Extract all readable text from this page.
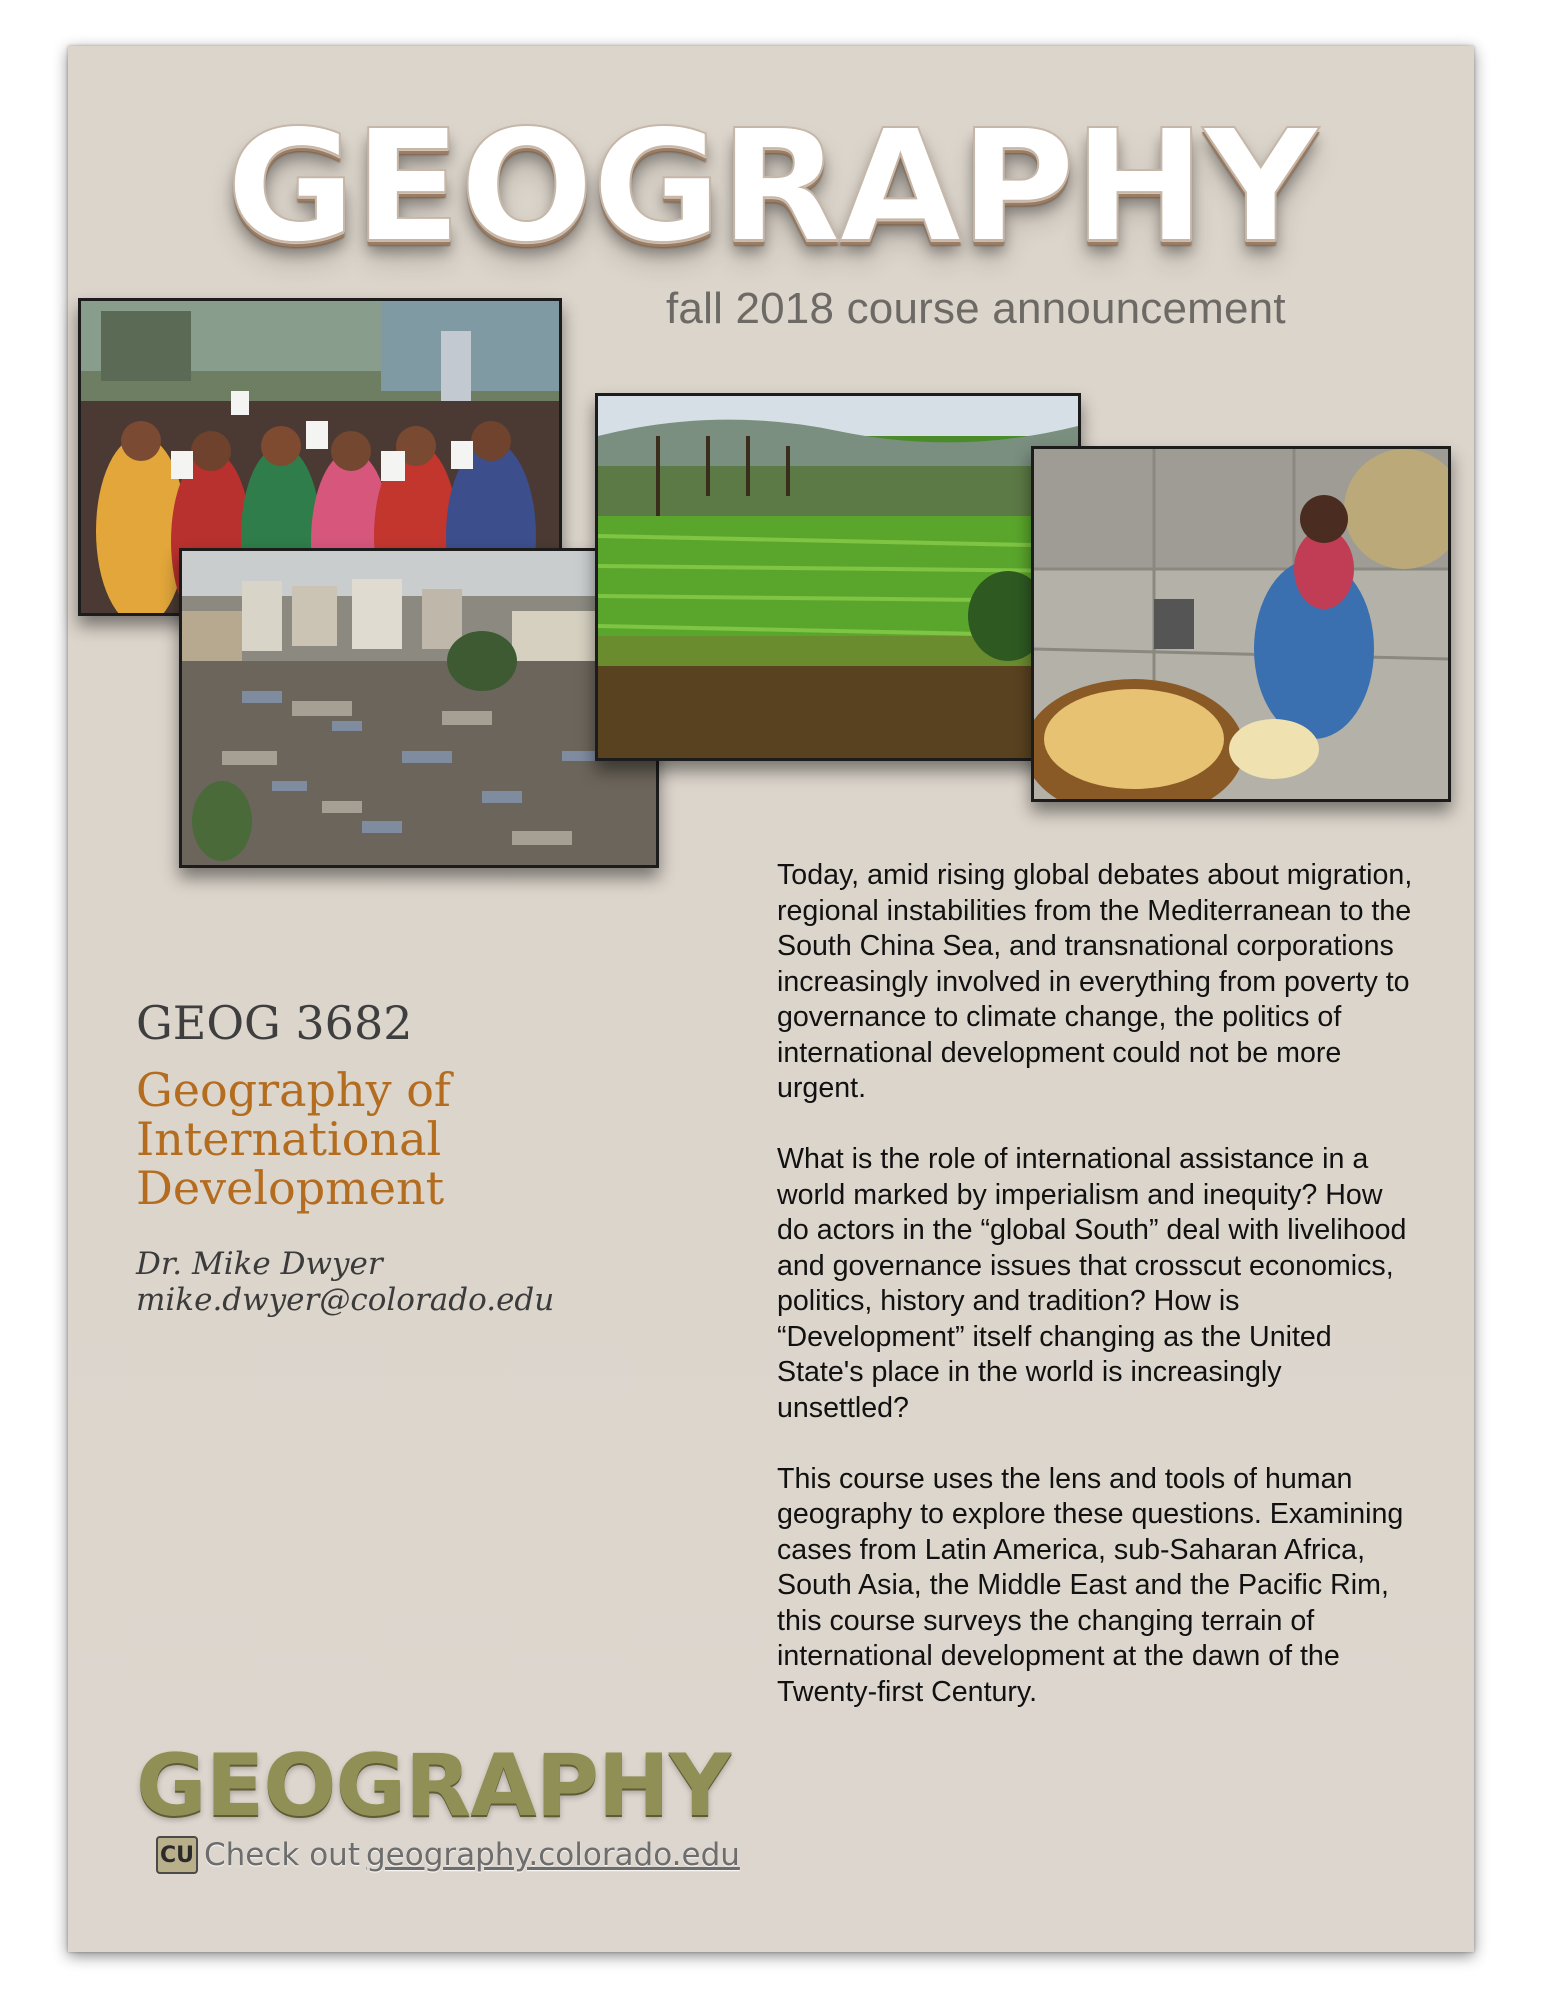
GEOGRAPHY
fall 2018 course announcement
GEOG 3682
Geography of
International
Development
Dr. Mike Dwyer
mike.dwyer@colorado.edu

Today, amid rising global debates about migration, regional instabilities from the Mediterranean to the South China Sea, and transnational corporations increasingly involved in everything from poverty to governance to climate change, the politics of international development could not be more urgent.

What is the role of international assistance in a world marked by imperialism and inequity? How do actors in the “global South” deal with livelihood and governance issues that crosscut economics, politics, history and tradition? How is “Development” itself changing as the United State's place in the world is increasingly unsettled?

This course uses the lens and tools of human geography to explore these questions. Examining cases from Latin America, sub-Saharan Africa, South Asia, the Middle East and the Pacific Rim, this course surveys the changing terrain of international development at the dawn of the Twenty-first Century.

GEOGRAPHY
CU Check out geography.colorado.edu
